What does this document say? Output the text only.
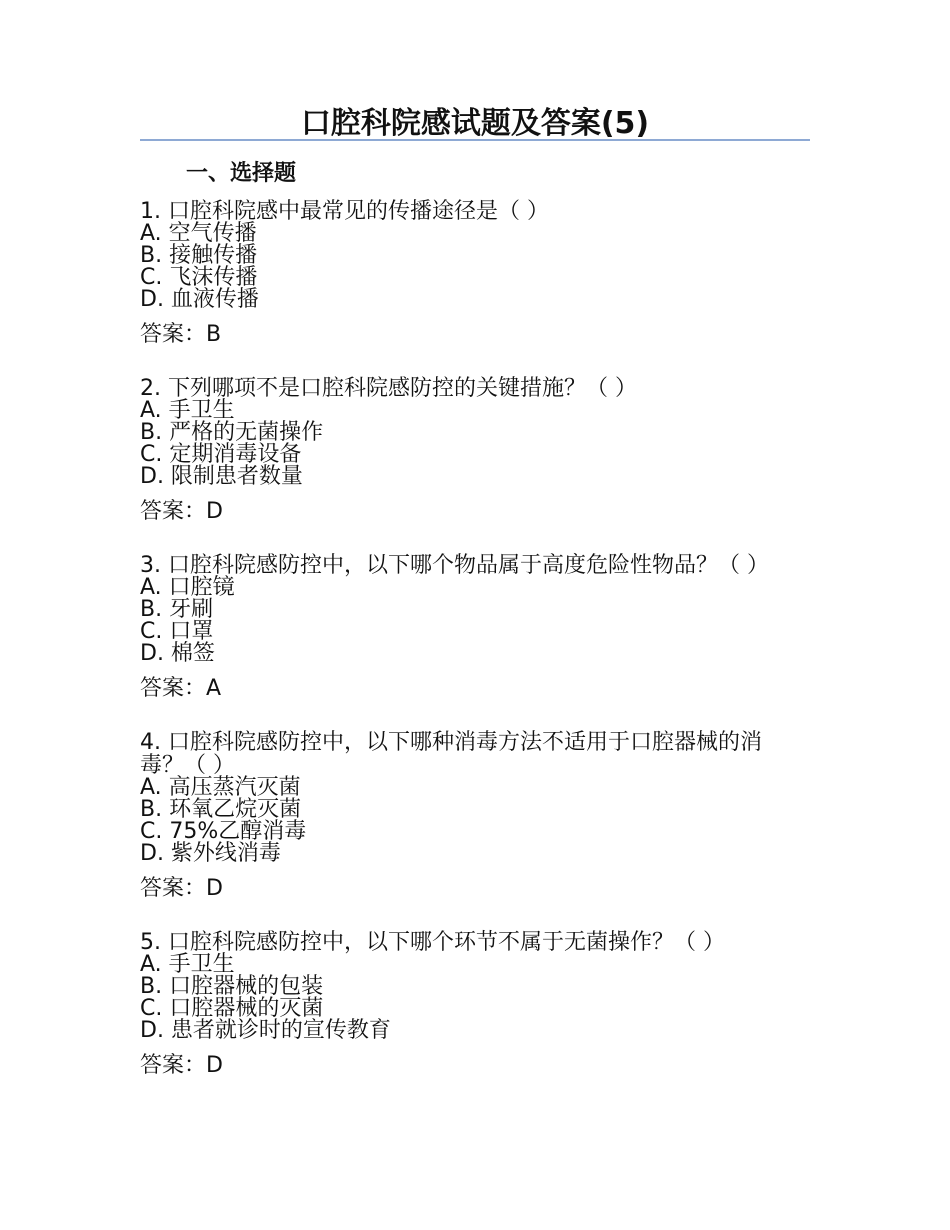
口腔科院感试题及答案(5)
一、选择题

1. 口腔科院感中最常见的传播途径是（ ）

A. 空气传播

B. 接触传播

C. 飞沫传播

D. 血液传播

答案：B

2. 下列哪项不是口腔科院感防控的关键措施？（ ）

A. 手卫生

B. 严格的无菌操作

C. 定期消毒设备

D. 限制患者数量

答案：D

3. 口腔科院感防控中，以下哪个物品属于高度危险性物品？（ ）

A. 口腔镜

B. 牙刷

C. 口罩

D. 棉签

答案：A

4. 口腔科院感防控中，以下哪种消毒方法不适用于口腔器械的消毒？（ ）

A. 高压蒸汽灭菌

B. 环氧乙烷灭菌

C. 75%乙醇消毒

D. 紫外线消毒

答案：D

5. 口腔科院感防控中，以下哪个环节不属于无菌操作？（ ）

A. 手卫生

B. 口腔器械的包装

C. 口腔器械的灭菌

D. 患者就诊时的宣传教育

答案：D
